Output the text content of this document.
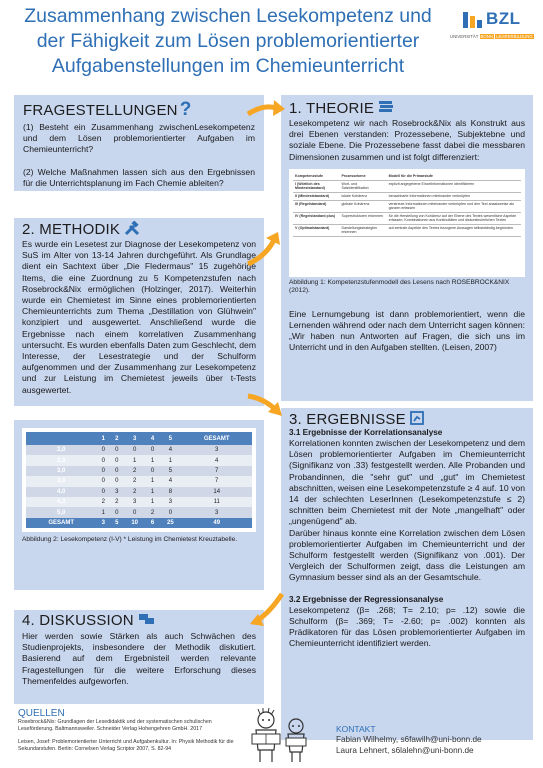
Zusammenhang zwischen Lesekompetenz und
der Fähigkeit zum Lösen problemorientierter
Aufgabenstellungen im Chemieunterricht
BZL
UNIVERSITÄT BONN LEHRERBILDUNG
FRAGESTELLUNGEN ?

(1) Besteht ein Zusammenhang zwischenLesekompetenz und dem Lösen problemorientierter Aufgaben im Chemieunterricht?

(2) Welche Maßnahmen lassen sich aus den Ergebnissen für die Unterrichtsplanung im Fach Chemie ableiten?

2. METHODIK
Es wurde ein Lesetest zur Diagnose der Lesekompetenz von SuS im Alter von 13-14 Jahren durchgeführt. Als Grundlage dient ein Sachtext über „Die Fledermaus" 15 zugehörige Items, die eine Zuordnung zu 5 Kompetenzstufen nach Rosebrock&Nix ermöglichen (Holzinger, 2017). Weiterhin wurde ein Chemietest im Sinne eines problemorientierten Chemieunterrichts zum Thema „Destillation von Glühwein" konzipiert und ausgewertet. Anschließend wurde die Ergebnisse nach einem korrelativen Zusammenhang untersucht. Es wurden ebenfalls Daten zum Geschlecht, dem Interesse, der Lesestrategie und der Schulform aufgenommen und der Zusammenhang zur Lesekompetenz und zur Leistung im Chemietest jeweils über t-Tests ausgewertet.
1. THEORIE
Lesekompetenz wir nach Rosebrock&Nix als Konstrukt aus drei Ebenen verstanden: Prozessebene, Subjektebne und soziale Ebene. Die Prozessebene fasst dabei die messbaren Dimensionen zusammen und ist folgt differenziert:
Kompetenzstufe	Prozessebene	Modell für die Primarstufe
I (Wörtlich des Mindeststandard)	Wort- und Satzidentifikation	explizit angegebene Einzelinformationen identifizieren
II (Mindeststandard)	lokale Kohärenz	benachbarte Informationen miteinander verknüpfen
III (Regelstandard)	globale Kohärenz	verstreute Informationen miteinander verknüpfen und den Text ansatzweise als ganzen erfassen
IV (Regelstandard plus)	Superstrukturen erkennen	für die Herstellung von Kohärenz auf der Ebene des Textes wesentliche Aspekte erfassen; Kombinationen aus Kontinuitäten und diskontinuierlichen Texten
V (Optimalstandard)	Darstellungsstrategien erkennen	auf zentrale Aspekte des Textes bezogene Aussagen selbstständig begründen
Abbildung 1: Kompetenzstufenmodell des Lesens nach ROSEBROCK&NIX (2012).
Eine Lernumgebung ist dann problemorientiert, wenn die Lernenden während oder nach dem Unterricht sagen können: „Wir haben nun Antworten auf Fragen, die sich uns im Unterricht und in den Aufgaben stellten. (Leisen, 2007)
	1	2	3	4	5	GESAMT
2,0	0	0	0	0	4	3
2,3	0	0	1	1	1	4
3,0	0	0	2	0	5	7
3,3	0	0	2	1	4	7
4,0	0	3	2	1	8	14
4,3	2	2	3	1	3	11
5,0	1	0	0	2	0	3
GESAMT	3	5	10	6	25	49
Abbildung 2: Lesekompetenz (I-V) * Leistung im Chemietest Kreuztabelle.
3. ERGEBNISSE
3.1 Ergebnisse der Korrelationsanalyse
Korrelationen konnten zwischen der Lesekompetenz und dem Lösen problemorientierter Aufgaben im Chemieunterricht (Signifikanz von .33) festgestellt werden. Alle Probanden und Probandinnen, die "sehr gut" und „gut" im Chemietest abschnitten, weisen eine Lesekompetenzstufe ≥ 4 auf. 10 von 14 der schlechten LeserInnen (Lesekompetenzstufe ≤ 2) schnitten beim Chemietest mit der Note „mangelhaft" oder „ungenügend" ab.
Darüber hinaus konnte eine Korrelation zwischen dem Lösen problemorientierter Aufgaben im Chemieunterricht und der Schulform festgestellt werden (Signifikanz von .001). Der Vergleich der Schulformen zeigt, dass die Leistungen am Gymnasium besser sind als an der Gesamtschule.
3.2 Ergebnisse der Regressionsanalyse
Lesekompetenz (β= .268; T= 2.10; p= .12) sowie die Schulform (β= .369; T= -2.60; p= .002) konnten als Prädikatoren für das Lösen problemorientierter Aufgaben im Chemieunterricht identifiziert werden.
4. DISKUSSION
Hier werden sowie Stärken als auch Schwächen des Studienprojekts, insbesondere der Methodik diskutiert. Basierend auf dem Ergebnisteil werden relevante Fragestellungen für die weitere Erforschung dieses Themenfeldes aufgeworfen.
QUELLEN
Rosebrock&Nix: Grundlagen der Lesedidaktik und der systematischen schulischen Leseförderung. Baltmannsweiler. Schneider Verlag Hohengehren GmbH. 2017
Leisen, Josef: Problemorientierter Unterricht und Aufgabenkultur. In: Physik Methodik für die Sekundarstufen. Berlin: Cornelsen Verlag Scriptor 2007, S. 82-94
KONTAKT
Fabian Wilhelmy, s6fawilh@uni-bonn.de
Laura Lehnert, s6lalehn@uni-bonn.de
